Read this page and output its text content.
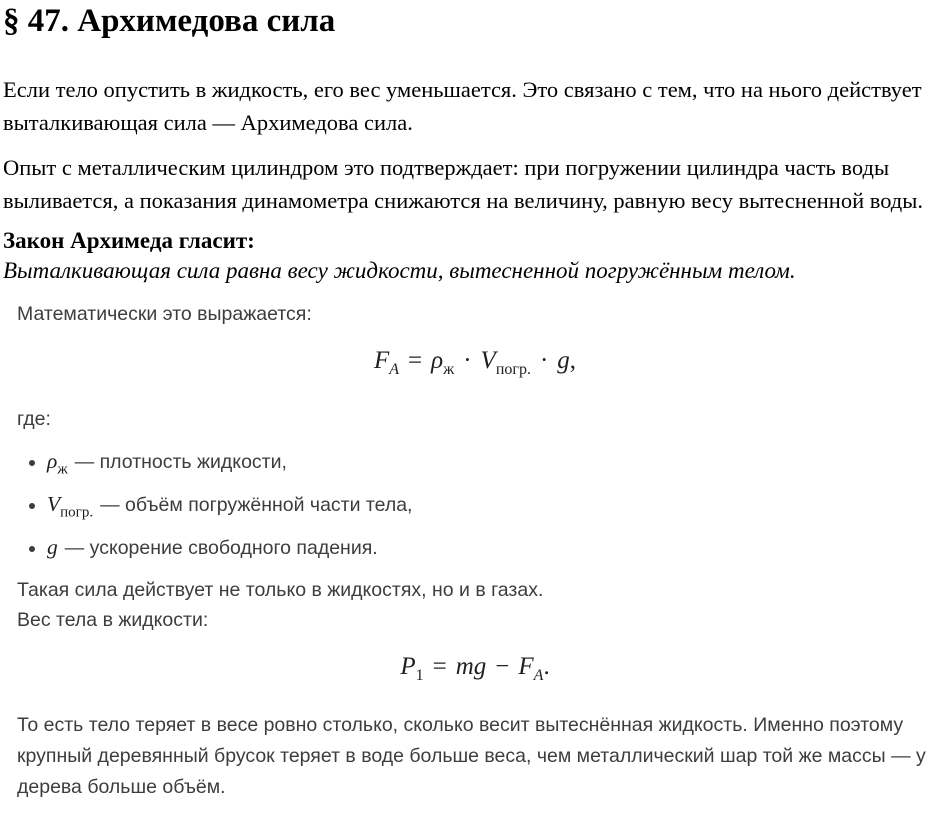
§ 47. Архимедова сила

Если тело опустить в жидкость, его вес уменьшается. Это связано с тем, что на нього действует выталкивающая сила — Архимедова сила.

Опыт с металлическим цилиндром это подтверждает: при погружении цилиндра часть воды выливается, а показания динамометра снижаются на величину, равную весу вытесненной воды.

Закон Архимеда гласит:

Выталкивающая сила равна весу жидкости, вытесненной погружённым телом.

Математически это выражается:

$F_A = \rho_ж \cdot V_{погр.} \cdot g$,

где:

• $\rho_ж$ — плотность жидкости,
• $V_{погр.}$ — объём погружённой части тела,
• g — ускорение свободного падения.

Такая сила действует не только в жидкостях, но и в газах.

Вес тела в жидкости:

$P_1$ = mg − $F_A$.

То есть тело теряет в весе ровно столько, сколько весит вытеснённая жидкость. Именно поэтому крупный деревянный брусок теряет в воде больше веса, чем металлический шар той же массы — у дерева больше объём.
